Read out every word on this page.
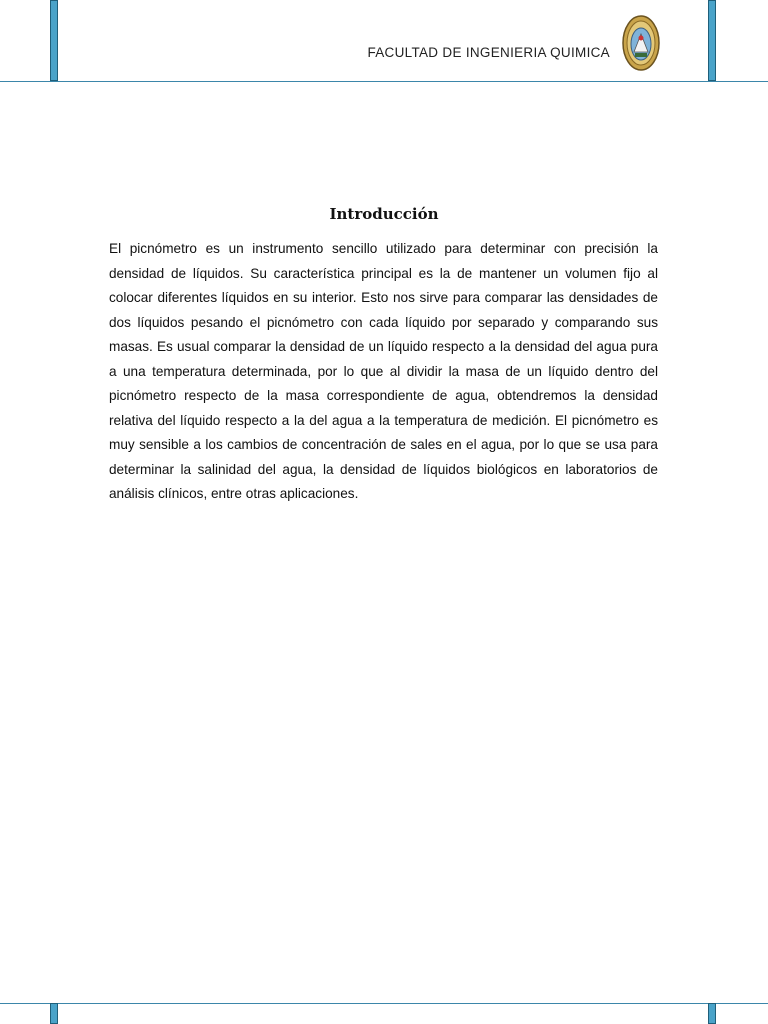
FACULTAD DE INGENIERIA QUIMICA
Introducción
El picnómetro es un instrumento sencillo utilizado para determinar con precisión la densidad de líquidos. Su característica principal es la de mantener un volumen fijo al colocar diferentes líquidos en su interior. Esto nos sirve para comparar las densidades de dos líquidos pesando el picnómetro con cada líquido por separado y comparando sus masas. Es usual comparar la densidad de un líquido respecto a la densidad del agua pura a una temperatura determinada, por lo que al dividir la masa de un líquido dentro del picnómetro respecto de la masa correspondiente de agua, obtendremos la densidad relativa del líquido respecto a la del agua a la temperatura de medición. El picnómetro es muy sensible a los cambios de concentración de sales en el agua, por lo que se usa para determinar la salinidad del agua, la densidad de líquidos biológicos en laboratorios de análisis clínicos, entre otras aplicaciones.
